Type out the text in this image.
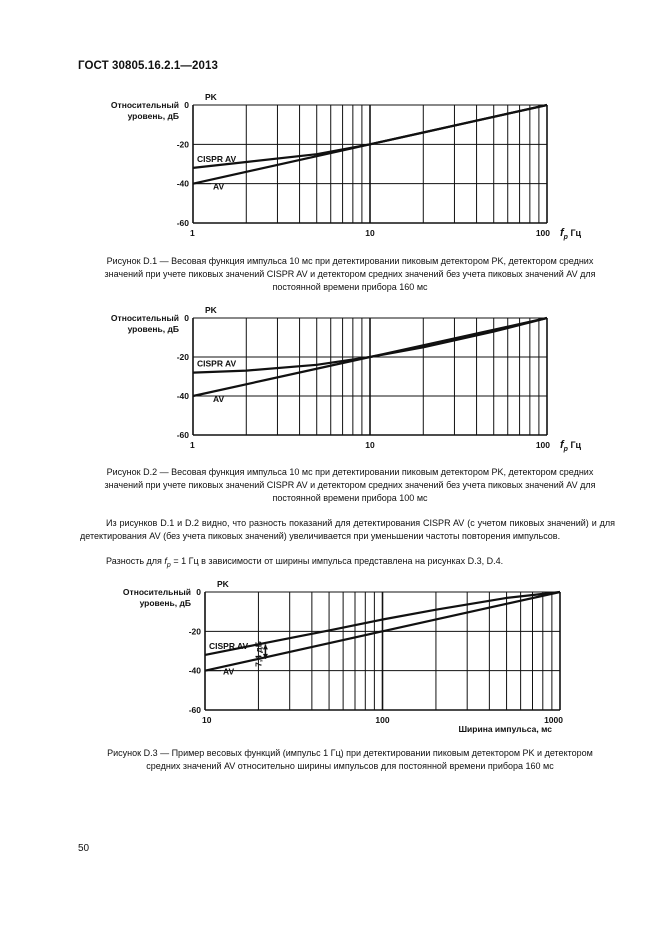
ГОСТ 30805.16.2.1—2013
0
-20
-40
-60
1	10	100
Относительный
уровень, дБ
PK
$f_p$ Гц
CISPR AV
AV
0
-20
-40
-60
1	10	100
Относительный
уровень, дБ
PK
$f_p$ Гц
CISPR AV
AV
0
-20
-40
-60
10	100	1000
Относительный
уровень, дБ
PK
Ширина импульса, мс
CISPR AV
AV
7,4 дБ
Рисунок D.1 — Весовая функция импульса 10 мс при детектировании пиковым детектором PK, детектором средних значений при учете пиковых значений CISPR AV и детектором средних значений без учета пиковых значений AV для постоянной времени прибора 160 мс
Рисунок D.2 — Весовая функция импульса 10 мс при детектировании пиковым детектором PK, детектором средних значений при учете пиковых значений CISPR AV и детектором средних значений без учета пиковых значений AV для постоянной времени прибора 100 мс
Из рисунков D.1 и D.2 видно, что разность показаний для детектирования CISPR AV (с учетом пиковых значений) и для детектирования AV (без учета пиковых значений) увеличивается при уменьшении частоты повторения импульсов.
Разность для $f_p = 1$ Гц в зависимости от ширины импульса представлена на рисунках D.3, D.4.
Рисунок D.3 — Пример весовых функций (импульс 1 Гц) при детектировании пиковым детектором PK и детектором средних значений AV относительно ширины импульсов для постоянной времени прибора 160 мс
50
